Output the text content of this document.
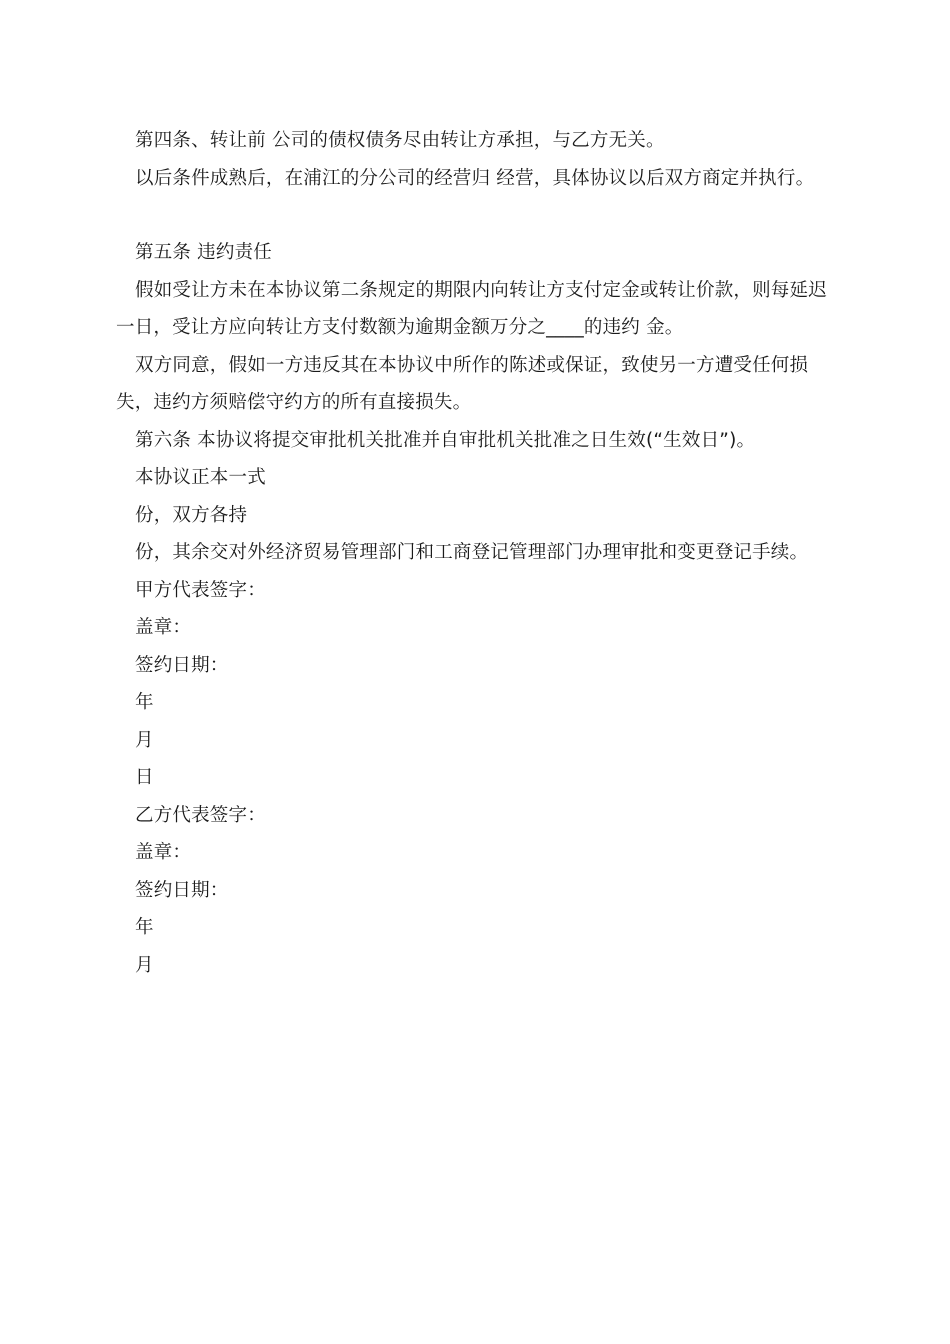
第四条、转让前 公司的债权债务尽由转让方承担，与乙方无关。

以后条件成熟后，在浦江的分公司的经营归 经营，具体协议以后双方商定并执行。

第五条 违约责任

假如受让方未在本协议第二条规定的期限内向转让方支付定金或转让价款，则每延迟一日，受让方应向转让方支付数额为逾期金额万分之____的违约 金。

双方同意，假如一方违反其在本协议中所作的陈述或保证，致使另一方遭受任何损失，违约方须赔偿守约方的所有直接损失。

第六条 本协议将提交审批机关批准并自审批机关批准之日生效(“生效日”)。

本协议正本一式

份，双方各持

份，其余交对外经济贸易管理部门和工商登记管理部门办理审批和变更登记手续。

甲方代表签字：

盖章：

签约日期：

年

月

日

乙方代表签字：

盖章：

签约日期：

年

月
